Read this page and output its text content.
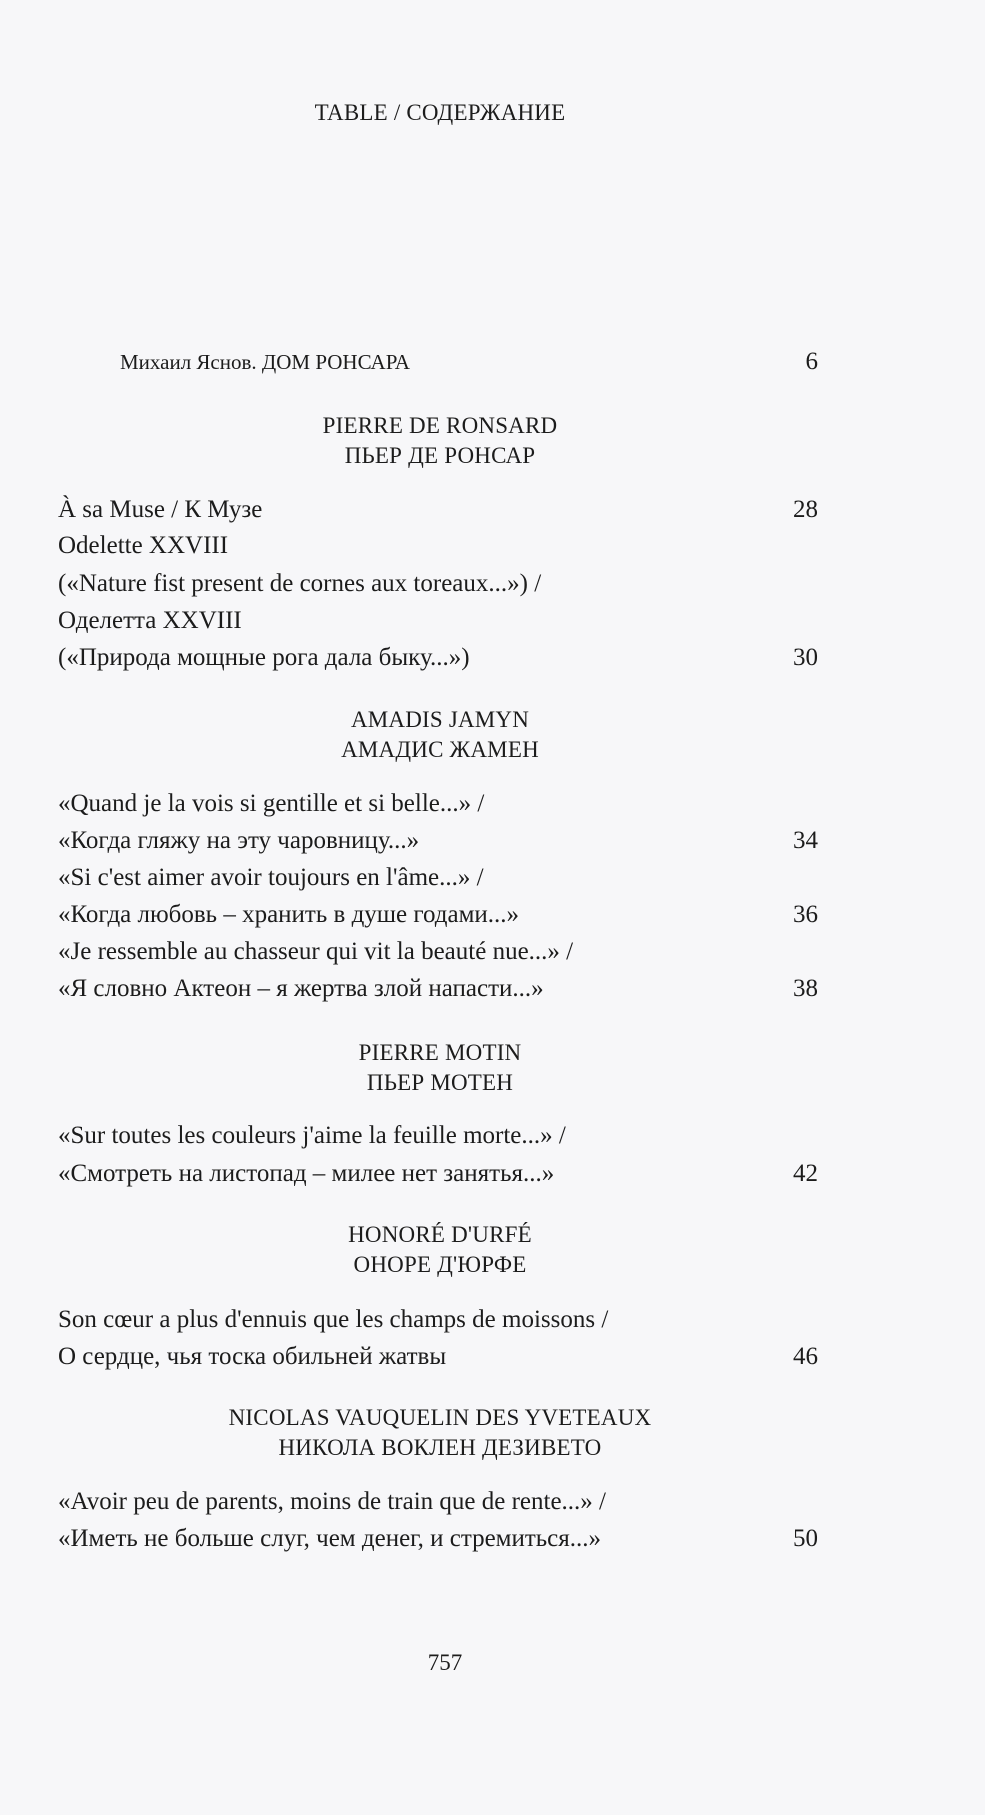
TABLE / СОДЕРЖАНИЕ
Михаил Яснов. ДОМ РОНСАРА	6
PIERRE DE RONSARD
ПЬЕР ДЕ РОНСАР
À sa Muse / К Музе	28
Odelette XXVIII
(«Nature fist present de cornes aux toreaux...») /
Оделетта XXVIII
(«Природа мощные рога дала быку...»)	30
AMADIS JAMYN
АМАДИС ЖАМЕН
«Quand je la vois si gentille et si belle...» /
«Когда гляжу на эту чаровницу...»	34
«Si c'est aimer avoir toujours en l'âme...» /
«Когда любовь – хранить в душе годами...»	36
«Je ressemble au chasseur qui vit la beauté nue...» /
«Я словно Актеон – я жертва злой напасти...»	38
PIERRE MOTIN
ПЬЕР МОТЕН
«Sur toutes les couleurs j'aime la feuille morte...» /
«Смотреть на листопад – милее нет занятья...»	42
HONORÉ D'URFÉ
ОНОРЕ Д'ЮРФЕ
Son cœur a plus d'ennuis que les champs de moissons /
О сердце, чья тоска обильней жатвы	46
NICOLAS VAUQUELIN DES YVETEAUX
НИКОЛА ВОКЛЕН ДЕЗИВЕТО
«Avoir peu de parents, moins de train que de rente...» /
«Иметь не больше слуг, чем денег, и стремиться...»	50
757
